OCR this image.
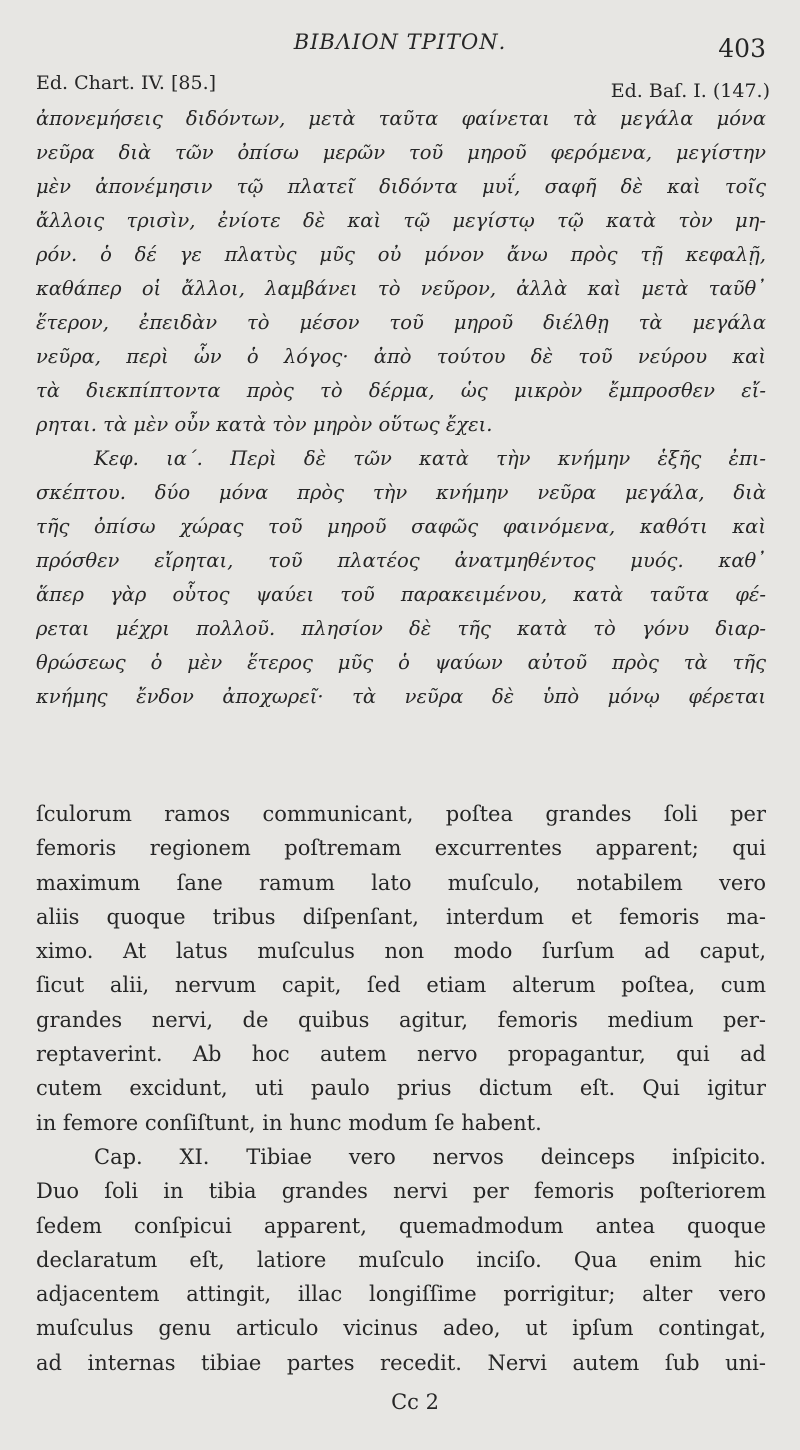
BIBΛΙΟΝ ΤΡΙΤΟΝ.	403
Ed. Chart. IV. [85.]	Ed. Baſ. I. (147.)
ἀπονεμήσεις διδόντων, μετὰ ταῦτα φαίνεται τὰ μεγάλα μόνα
νεῦρα διὰ τῶν ὀπίσω μερῶν τοῦ μηροῦ φερόμενα, μεγίστην
μὲν ἀπονέμησιν τῷ πλατεῖ διδόντα μυΐ, σαφῆ δὲ καὶ τοῖς
ἄλλοις τρισὶν, ἐνίοτε δὲ καὶ τῷ μεγίστῳ τῷ κατὰ τὸν μη-
ρόν. ὁ δέ γε πλατὺς μῦς οὐ μόνον ἄνω πρὸς τῇ κεφαλῇ,
καθάπερ οἱ ἄλλοι, λαμβάνει τὸ νεῦρον, ἀλλὰ καὶ μετὰ ταῦθ᾽
ἕτερον, ἐπειδὰν τὸ μέσον τοῦ μηροῦ διέλθῃ τὰ μεγάλα
νεῦρα, περὶ ὧν ὁ λόγος· ἀπὸ τούτου δὲ τοῦ νεύρου καὶ
τὰ διεκπίπτοντα πρὸς τὸ δέρμα, ὡς μικρὸν ἔμπροσθεν εἴ-
ρηται. τὰ μὲν οὖν κατὰ τὸν μηρὸν οὕτως ἔχει.
Κεφ. ια΄. Περὶ δὲ τῶν κατὰ τὴν κνήμην ἑξῆς ἐπι-
σκέπτου. δύο μόνα πρὸς τὴν κνήμην νεῦρα μεγάλα, διὰ
τῆς ὀπίσω χώρας τοῦ μηροῦ σαφῶς φαινόμενα, καθότι καὶ
πρόσθεν εἴρηται, τοῦ πλατέος ἀνατμηθέντος μυός. καθ᾽
ἅπερ γὰρ οὗτος ψαύει τοῦ παρακειμένου, κατὰ ταῦτα φέ-
ρεται μέχρι πολλοῦ. πλησίον δὲ τῆς κατὰ τὸ γόνυ διαρ-
θρώσεως ὁ μὲν ἕτερος μῦς ὁ ψαύων αὐτοῦ πρὸς τὰ τῆς
κνήμης ἔνδον ἀποχωρεῖ· τὰ νεῦρα δὲ ὑπὸ μόνῳ φέρεται
ſculorum ramos communicant, poſtea grandes ſoli per
femoris regionem poſtremam excurrentes apparent; qui
maximum ſane ramum lato muſculo, notabilem vero
aliis quoque tribus diſpenſant, interdum et femoris ma-
ximo. At latus muſculus non modo ſurſum ad caput,
ſicut alii, nervum capit, ſed etiam alterum poſtea, cum
grandes nervi, de quibus agitur, femoris medium per-
reptaverint. Ab hoc autem nervo propagantur, qui ad
cutem excidunt, uti paulo prius dictum eſt. Qui igitur
in femore conſiſtunt, in hunc modum ſe habent.
Cap. XI. Tibiae vero nervos deinceps inſpicito.
Duo ſoli in tibia grandes nervi per femoris poſteriorem
ſedem conſpicui apparent, quemadmodum antea quoque
declaratum eſt, latiore muſculo inciſo. Qua enim hic
adjacentem attingit, illac longiſſime porrigitur; alter vero
muſculus genu articulo vicinus adeo, ut ipſum contingat,
ad internas tibiae partes recedit. Nervi autem ſub uni-
Cc 2
